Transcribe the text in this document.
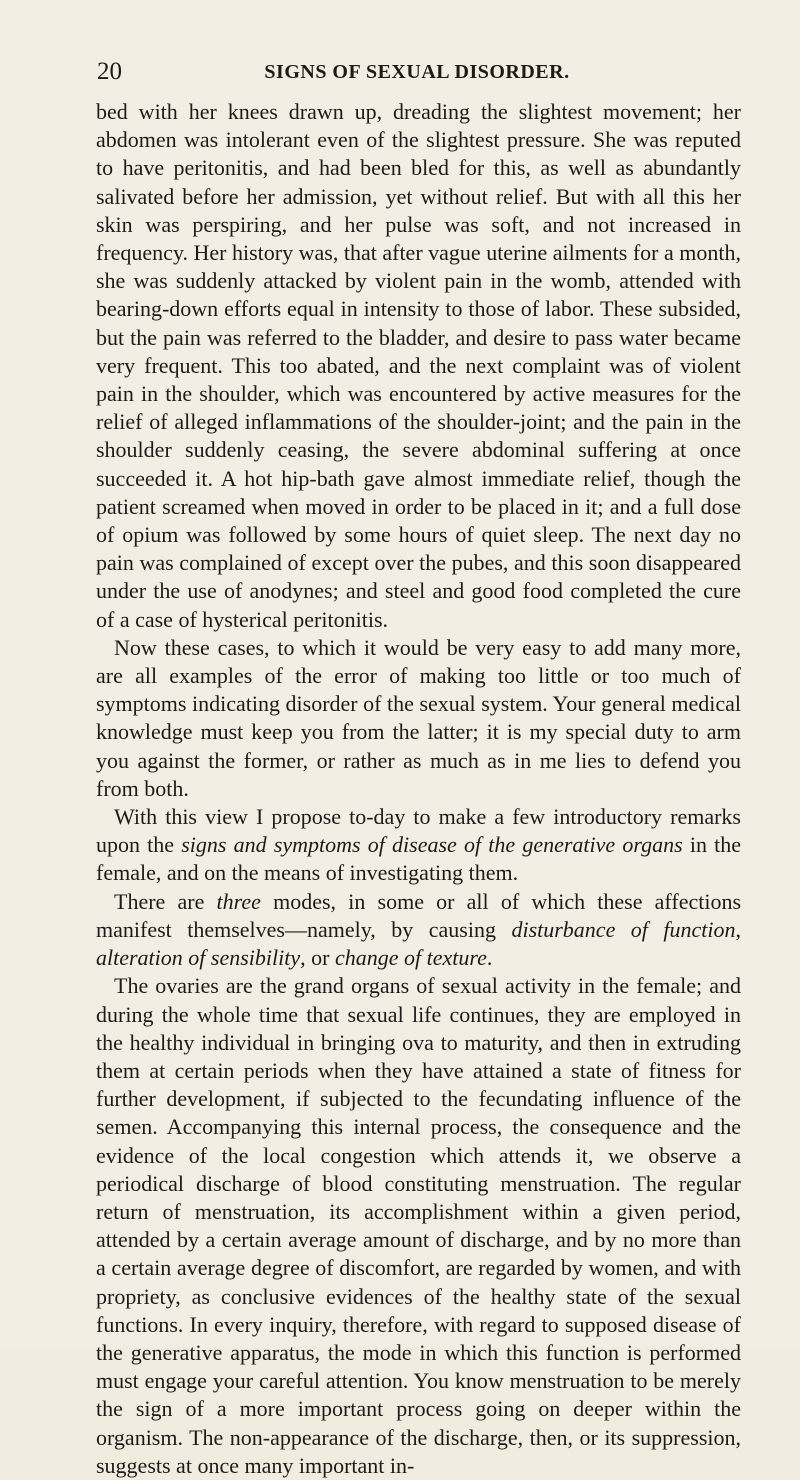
20	SIGNS OF SEXUAL DISORDER.

bed with her knees drawn up, dreading the slightest movement; her abdomen was intolerant even of the slightest pressure. She was reputed to have peritonitis, and had been bled for this, as well as abundantly salivated before her admission, yet without relief. But with all this her skin was perspiring, and her pulse was soft, and not increased in frequency. Her history was, that after vague uterine ailments for a month, she was suddenly attacked by violent pain in the womb, attended with bearing-down efforts equal in intensity to those of labor. These subsided, but the pain was referred to the bladder, and desire to pass water became very frequent. This too abated, and the next complaint was of violent pain in the shoulder, which was encountered by active measures for the relief of alleged inflammations of the shoulder-joint; and the pain in the shoulder suddenly ceasing, the severe abdominal suffering at once succeeded it. A hot hip-bath gave almost immediate relief, though the patient screamed when moved in order to be placed in it; and a full dose of opium was followed by some hours of quiet sleep. The next day no pain was complained of except over the pubes, and this soon disappeared under the use of anodynes; and steel and good food completed the cure of a case of hysterical peritonitis.

Now these cases, to which it would be very easy to add many more, are all examples of the error of making too little or too much of symptoms indicating disorder of the sexual system. Your general medical knowledge must keep you from the latter; it is my special duty to arm you against the former, or rather as much as in me lies to defend you from both.

With this view I propose to-day to make a few introductory remarks upon the signs and symptoms of disease of the generative organs in the female, and on the means of investigating them.

There are three modes, in some or all of which these affections manifest themselves—namely, by causing disturbance of function, alteration of sensibility, or change of texture.

The ovaries are the grand organs of sexual activity in the female; and during the whole time that sexual life continues, they are employed in the healthy individual in bringing ova to maturity, and then in extruding them at certain periods when they have attained a state of fitness for further development, if subjected to the fecundating influence of the semen. Accompanying this internal process, the consequence and the evidence of the local congestion which attends it, we observe a periodical discharge of blood constituting menstruation. The regular return of menstruation, its accomplishment within a given period, attended by a certain average amount of discharge, and by no more than a certain average degree of discomfort, are regarded by women, and with propriety, as conclusive evidences of the healthy state of the sexual functions. In every inquiry, therefore, with regard to supposed disease of the generative apparatus, the mode in which this function is performed must engage your careful attention. You know menstruation to be merely the sign of a more important process going on deeper within the organism. The non-appearance of the discharge, then, or its suppression, suggests at once many important in-
